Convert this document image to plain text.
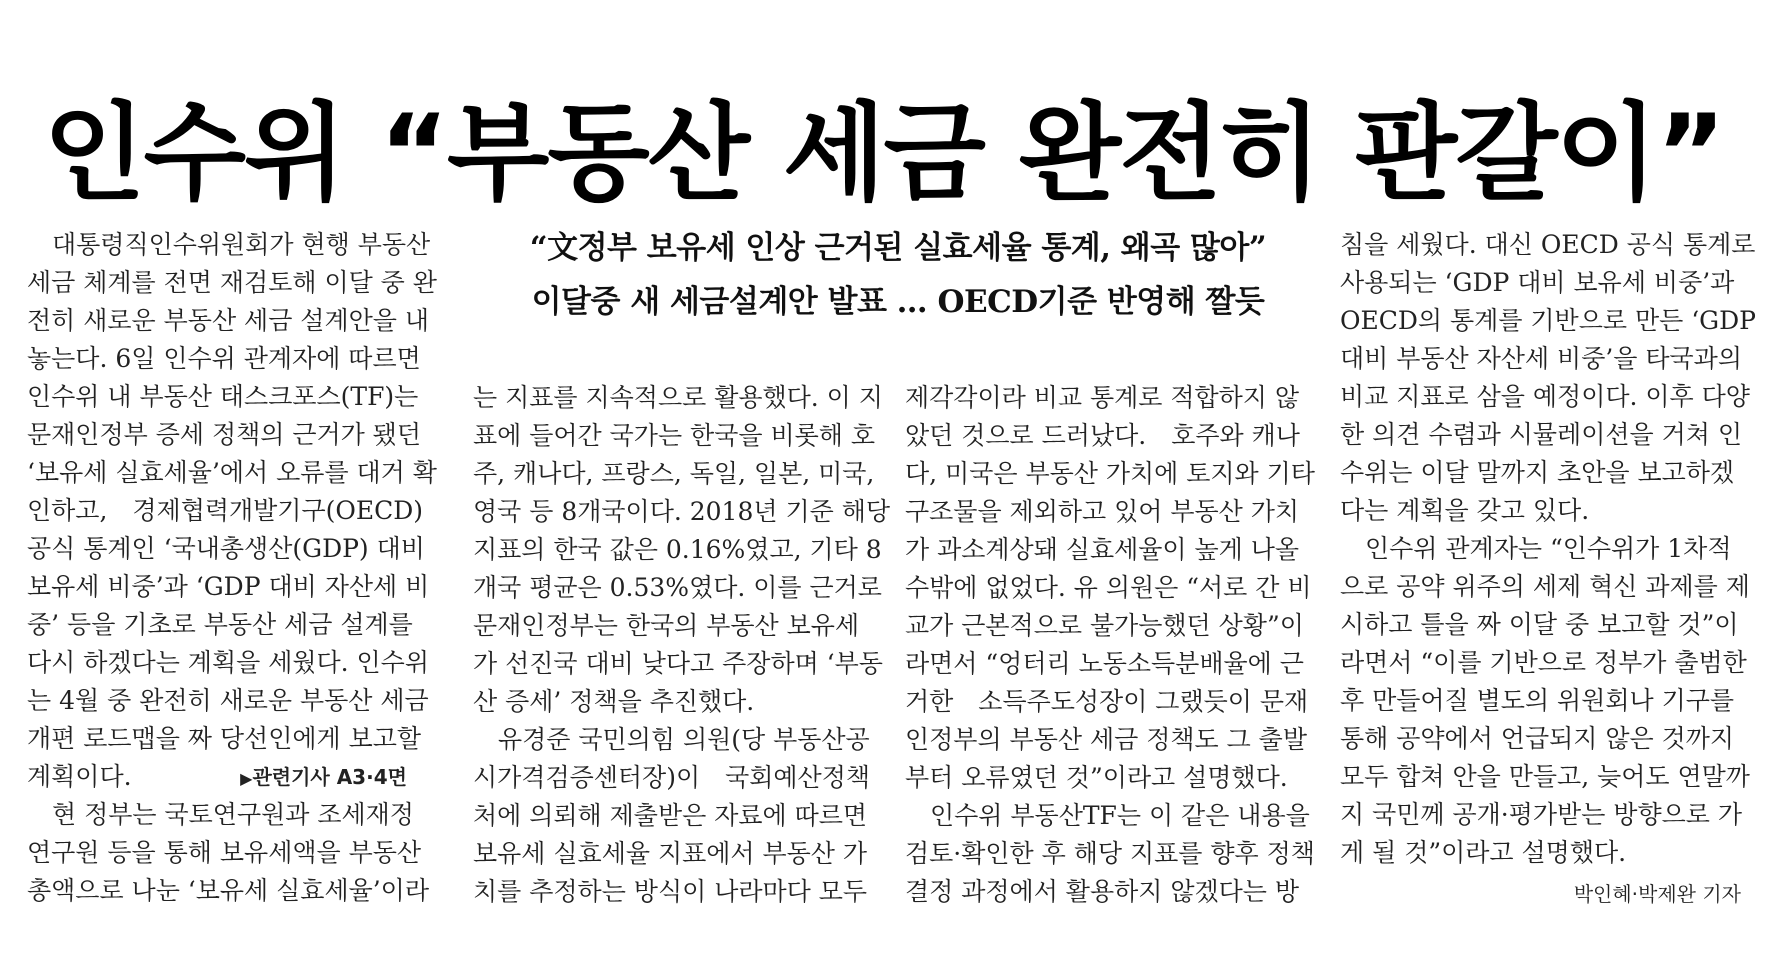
인수위 “부동산 세금 완전히 판갈이”

“文정부 보유세 인상 근거된 실효세율 통계, 왜곡 많아”

이달중 새 세금설계안 발표 … OECD기준 반영해 짤듯

　대통령직인수위원회가 현행 부동산

세금 체계를 전면 재검토해 이달 중 완

전히 새로운 부동산 세금 설계안을 내

놓는다. 6일 인수위 관계자에 따르면

인수위 내 부동산 태스크포스(TF)는

문재인정부 증세 정책의 근거가 됐던

‘보유세 실효세율’에서 오류를 대거 확

인하고,　경제협력개발기구(OECD)

공식 통계인 ‘국내총생산(GDP) 대비

보유세 비중’과 ‘GDP 대비 자산세 비

중’ 등을 기초로 부동산 세금 설계를

다시 하겠다는 계획을 세웠다. 인수위

는 4월 중 완전히 새로운 부동산 세금

개편 로드맵을 짜 당선인에게 보고할

계획이다.	▶관련기사 A3·4면

　현 정부는 국토연구원과 조세재정

연구원 등을 통해 보유세액을 부동산

총액으로 나눈 ‘보유세 실효세율’이라

는 지표를 지속적으로 활용했다. 이 지

표에 들어간 국가는 한국을 비롯해 호

주, 캐나다, 프랑스, 독일, 일본, 미국,

영국 등 8개국이다. 2018년 기준 해당

지표의 한국 값은 0.16%였고, 기타 8

개국 평균은 0.53%였다. 이를 근거로

문재인정부는 한국의 부동산 보유세

가 선진국 대비 낮다고 주장하며 ‘부동

산 증세’ 정책을 추진했다.

　유경준 국민의힘 의원(당 부동산공

시가격검증센터장)이　국회예산정책

처에 의뢰해 제출받은 자료에 따르면

보유세 실효세율 지표에서 부동산 가

치를 추정하는 방식이 나라마다 모두

제각각이라 비교 통계로 적합하지 않

았던 것으로 드러났다.　호주와 캐나

다, 미국은 부동산 가치에 토지와 기타

구조물을 제외하고 있어 부동산 가치

가 과소계상돼 실효세율이 높게 나올

수밖에 없었다. 유 의원은 “서로 간 비

교가 근본적으로 불가능했던 상황”이

라면서 “엉터리 노동소득분배율에 근

거한　소득주도성장이 그랬듯이 문재

인정부의 부동산 세금 정책도 그 출발

부터 오류였던 것”이라고 설명했다.

　인수위 부동산TF는 이 같은 내용을

검토·확인한 후 해당 지표를 향후 정책

결정 과정에서 활용하지 않겠다는 방

침을 세웠다. 대신 OECD 공식 통계로

사용되는 ‘GDP 대비 보유세 비중’과

OECD의 통계를 기반으로 만든 ‘GDP

대비 부동산 자산세 비중’을 타국과의

비교 지표로 삼을 예정이다. 이후 다양

한 의견 수렴과 시뮬레이션을 거쳐 인

수위는 이달 말까지 초안을 보고하겠

다는 계획을 갖고 있다.

　인수위 관계자는 “인수위가 1차적

으로 공약 위주의 세제 혁신 과제를 제

시하고 틀을 짜 이달 중 보고할 것”이

라면서 “이를 기반으로 정부가 출범한

후 만들어질 별도의 위원회나 기구를

통해 공약에서 언급되지 않은 것까지

모두 합쳐 안을 만들고, 늦어도 연말까

지 국민께 공개·평가받는 방향으로 가

게 될 것”이라고 설명했다.

박인혜·박제완 기자
